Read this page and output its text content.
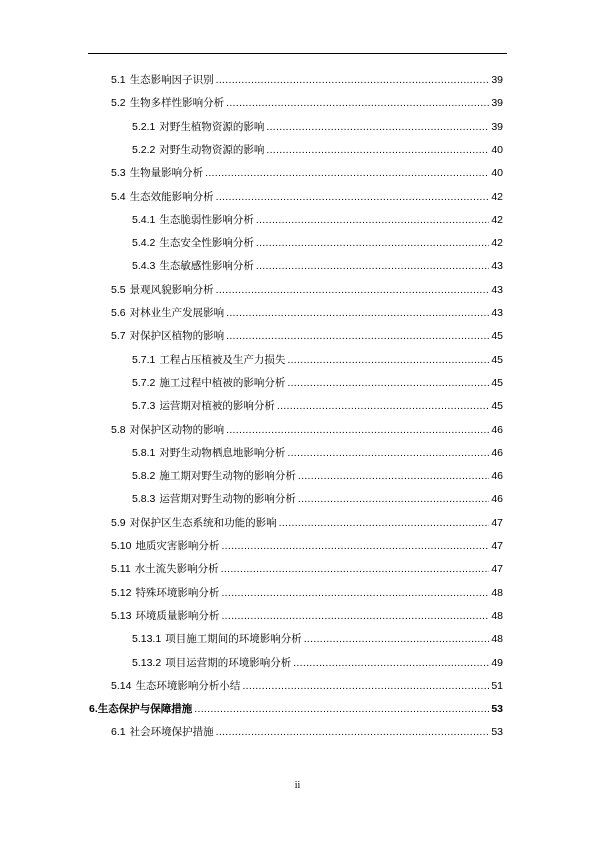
5.1 生态影响因子识别 .....	39
5.2 生物多样性影响分析 .....	39
5.2.1 对野生植物资源的影响 .....	39
5.2.2 对野生动物资源的影响 .....	40
5.3 生物量影响分析 .....	40
5.4 生态效能影响分析 .....	42
5.4.1 生态脆弱性影响分析 .....	42
5.4.2 生态安全性影响分析 .....	42
5.4.3 生态敏感性影响分析 .....	43
5.5 景观风貌影响分析 .....	43
5.6 对林业生产发展影响 .....	43
5.7 对保护区植物的影响 .....	45
5.7.1 工程占压植被及生产力损失 .....	45
5.7.2 施工过程中植被的影响分析 .....	45
5.7.3 运营期对植被的影响分析 .....	45
5.8 对保护区动物的影响 .....	46
5.8.1 对野生动物栖息地影响分析 .....	46
5.8.2 施工期对野生动物的影响分析 .....	46
5.8.3 运营期对野生动物的影响分析 .....	46
5.9 对保护区生态系统和功能的影响 .....	47
5.10 地质灾害影响分析 .....	47
5.11 水土流失影响分析 .....	47
5.12 特殊环境影响分析 .....	48
5.13 环境质量影响分析 .....	48
5.13.1 项目施工期间的环境影响分析 .....	48
5.13.2 项目运营期的环境影响分析 .....	49
5.14 生态环境影响分析小结 .....	51
6. 生态保护与保障措施 .....	53
6.1 社会环境保护措施 .....	53
ii
